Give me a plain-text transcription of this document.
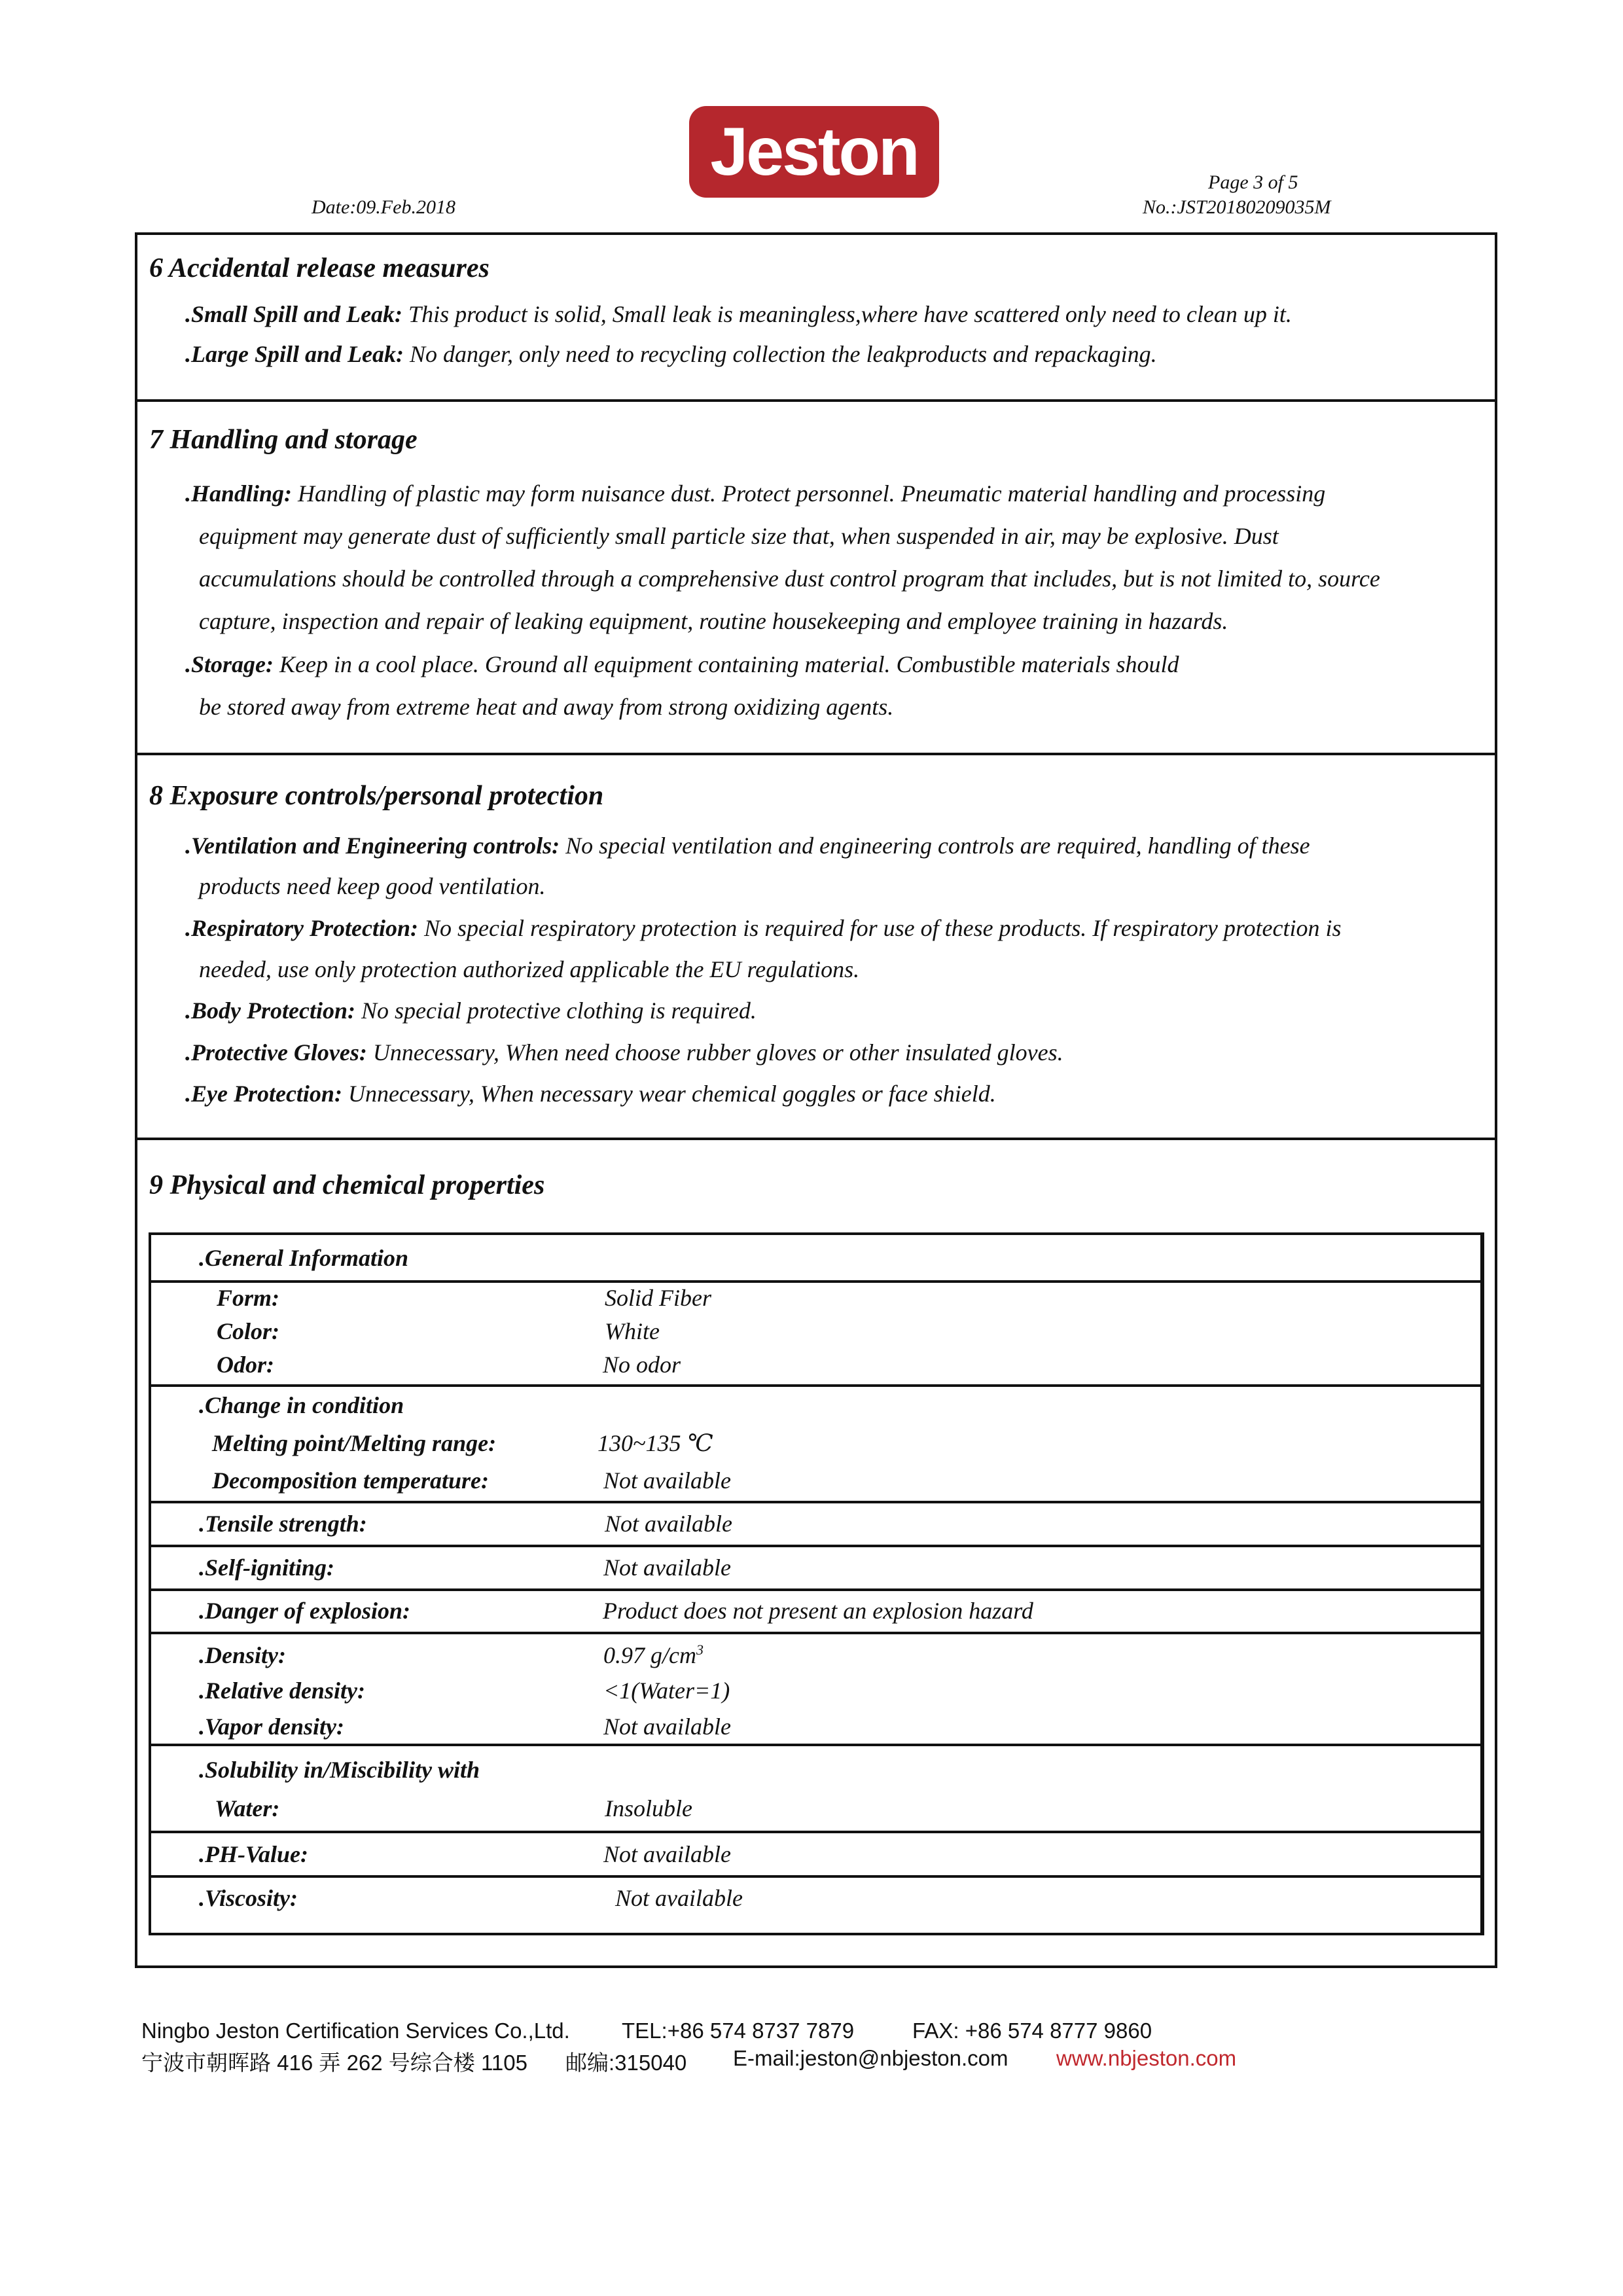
Jeston
Date:09.Feb.2018
Page 3 of 5
No.:JST20180209035M
6 Accidental release measures
.Small Spill and Leak: This product is solid, Small leak is meaningless,where have scattered only need to clean up it.
.Large Spill and Leak: No danger, only need to recycling collection the leakproducts and repackaging.
7 Handling and storage
.Handling: Handling of plastic may form nuisance dust. Protect personnel. Pneumatic material handling and processing
equipment may generate dust of sufficiently small particle size that, when suspended in air, may be explosive. Dust
accumulations should be controlled through a comprehensive dust control program that includes, but is not limited to, source
capture, inspection and repair of leaking equipment, routine housekeeping and employee training in hazards.
.Storage: Keep in a cool place. Ground all equipment containing material. Combustible materials should
be stored away from extreme heat and away from strong oxidizing agents.
8 Exposure controls/personal protection
.Ventilation and Engineering controls: No special ventilation and engineering controls are required, handling of these
products need keep good ventilation.
.Respiratory Protection: No special respiratory protection is required for use of these products. If respiratory protection is
needed, use only protection authorized applicable the EU regulations.
.Body Protection: No special protective clothing is required.
.Protective Gloves: Unnecessary, When need choose rubber gloves or other insulated gloves.
.Eye Protection: Unnecessary, When necessary wear chemical goggles or face shield.
9 Physical and chemical properties
.General Information
Form:	Solid Fiber
Color:	White
Odor:	No odor
.Change in condition
Melting point/Melting range:	130~135 ℃
Decomposition temperature:	Not available
.Tensile strength:	Not available
.Self-igniting:	Not available
.Danger of explosion:	Product does not present an explosion hazard
.Density:	0.97 $g/cm^3$
.Relative density:	<1(Water=1)
.Vapor density:	Not available
.Solubility in/Miscibility with
Water:	Insoluble
.PH-Value:	Not available
.Viscosity:	Not available
Ningbo Jeston Certification Services Co.,Ltd. TEL:+86 574 8737 7879	FAX: +86 574 8777 9860
宁波市朝晖路 416 弄 262 号综合楼 1105 邮编:315040 E-mail:jeston@nbjeston.com www.nbjeston.com
